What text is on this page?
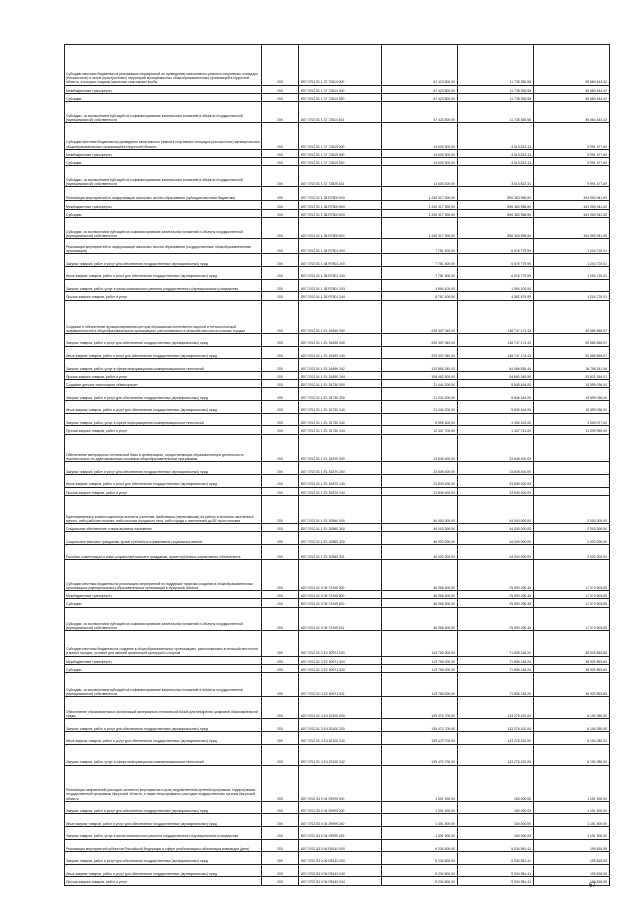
Субсидии местным бюджетам на реализацию мероприятий по проведению капитального ремонта спортивных площадок (плоскостных) и залов (пристроенных) территорий муниципальных общеобразовательных организаций в Иркутской области, в которых созданы школьные спортивные клубы	200	807 0702 51 1 37 72814 000	67 423 800,00	11 738 355,58	55 684 444,42
Межбюджетные трансферты	200	807 0702 51 1 37 72814 500	67 423 800,00	11 738 355,58	55 684 444,42
Субсидии	200	807 0702 51 1 37 72814 520	67 423 800,00	11 738 355,58	55 684 444,42
Субсидии, за исключением субсидий на софинансирование капитальных вложений в объекты государственной (муниципальной) собственности	200	807 0702 51 1 37 72814 521	67 423 800,00	11 738 355,58	55 684 444,42
Субсидии местным бюджетам на проведение капитального ремонта спортивных площадок (плоскостных) муниципальных общеобразовательных организаций в Иркутской области	200	807 0702 51 1 37 72829 000	13 605 300,00	3 613 822,31	9 991 477,69
Межбюджетные трансферты	200	807 0702 51 1 37 72829 500	13 605 300,00	3 613 822,31	9 991 477,69
Субсидии	200	807 0702 51 1 37 72829 520	13 605 300,00	3 613 822,31	9 991 477,69
Субсидии, за исключением субсидий на софинансирование капитальных вложений в объекты государственной (муниципальной) собственности	200	807 0702 51 1 37 72829 521	13 605 300,00	3 613 822,31	9 991 477,69
Реализация мероприятий по модернизации школьных систем образования (субсидии местным бюджетам)	200	807 0702 51 1 38 R7500 000	1 240 317 900,00	896 363 958,50	343 953 941,50
Межбюджетные трансферты	200	807 0702 51 1 38 R7500 500	1 240 317 900,00	896 363 958,50	343 953 941,50
Субсидии	200	807 0702 51 1 38 R7500 520	1 240 317 900,00	896 363 958,50	343 953 941,50
Субсидии, за исключением субсидий на софинансирование капитальных вложений в объекты государственной (муниципальной) собственности	200	807 0702 51 1 38 R7500 521	1 240 317 900,00	896 363 958,50	343 953 941,50
Реализация мероприятий по модернизации школьных систем образования (государственные общеобразовательные организации)	200	807 0702 51 1 38 R7501 000	7 781 500,00	6 576 779,99	1 204 720,01
Закупка товаров, работ и услуг для обеспечения государственных (муниципальных) нужд	200	807 0702 51 1 38 R7501 200	7 781 500,00	6 576 779,99	1 204 720,01
Иные закупки товаров, работ и услуг для обеспечения государственных (муниципальных) нужд	200	807 0702 51 1 38 R7501 240	7 781 500,00	6 576 779,99	1 204 720,01
Закупка товаров, работ, услуг в целях капитального ремонта государственного (муниципального) имущества	200	807 0702 51 1 38 R7501 243	1 994 100,00	1 994 100,00	-
Прочая закупка товаров, работ и услуг	200	807 0702 51 1 38 R7501 244	5 787 400,00	4 582 679,99	1 204 720,01
Создание и обеспечение функционирования центров образования естественно-научной и технологической направленностей в общеобразовательных организациях, расположенных в сельской местности и малых городах	200	807 0702 51 1 E1 51690 000	229 337 040,00	138 747 174,43	90 589 865,57
Закупка товаров, работ и услуг для обеспечения государственных (муниципальных) нужд	200	807 0702 51 1 E1 51690 200	229 337 040,00	138 747 174,43	90 589 865,57
Иные закупки товаров, работ и услуг для обеспечения государственных (муниципальных) нужд	200	807 0702 51 1 E1 51690 240	229 337 040,00	138 747 174,43	90 589 865,57
Закупка товаров, работ, услуг в сфере информационно-коммуникационных технологий	200	807 0702 51 1 E1 51690 242	120 855 340,00	84 086 836,44	36 768 511,56
Прочая закупка товаров, работ и услуг	200	807 0702 51 1 E1 51690 244	108 482 500,00	54 660 345,99	53 821 354,01
Создание детских технопарков «Кванториум»	200	807 0702 51 1 E1 51730 000	21 444 200,00	5 845 164,00	15 599 036,00
Закупка товаров, работ и услуг для обеспечения государственных (муниципальных) нужд	200	807 0702 51 1 E1 51730 200	21 444 200,00	5 845 164,00	15 599 036,00
Иные закупки товаров, работ и услуг для обеспечения государственных (муниципальных) нужд	200	807 0702 51 1 E1 51730 240	21 444 200,00	5 845 164,00	15 599 036,00
Закупка товаров, работ, услуг в сфере информационно-коммуникационных технологий	200	807 0702 51 1 E1 51730 242	8 996 500,00	4 496 423,00	4 500 077,00
Прочая закупка товаров, работ и услуг	200	807 0702 51 1 E1 51730 244	12 447 700,00	1 347 741,00	11 099 959,00
Обеспечение материально-технической базы в организациях, осуществляющих образовательную деятельность исключительно по адаптированным основным общеобразовательным программам	200	807 0702 51 1 E1 51870 000	23 849 400,00	23 849 400,00	-
Закупка товаров, работ и услуг для обеспечения государственных (муниципальных) нужд	200	807 0702 51 1 E1 51870 200	23 849 400,00	23 849 400,00	-
Иные закупки товаров, работ и услуг для обеспечения государственных (муниципальных) нужд	200	807 0702 51 1 E1 51870 240	23 849 400,00	23 849 400,00	-
Прочая закупка товаров, работ и услуг	200	807 0702 51 1 E1 51870 244	23 849 400,00	23 849 400,00	-
Единовременные компенсационные выплаты учителям, прибывшим (переехавшим) на работу в сельские населенные пункты, либо рабочие поселки, либо поселки городского типа, либо города с населением до 50 тысяч человек	200	807 0702 51 1 E1 52560 000	46 000 000,00	44 000 000,00	2 000 000,00
Социальное обеспечение и иные выплаты населению	200	807 0702 51 1 E1 52560 300	46 000 000,00	44 000 000,00	2 000 000,00
Социальные выплаты гражданам, кроме публичных нормативных социальных выплат	200	807 0702 51 1 E1 52560 320	46 000 000,00	44 000 000,00	2 000 000,00
Пособия, компенсации и иные социальные выплаты гражданам, кроме публичных нормативных обязательств	200	807 0702 51 1 E1 52560 321	46 000 000,00	44 000 000,00	2 000 000,00
Субсидии местным бюджетам на реализацию мероприятий по поддержке практики создания в общеобразовательных организациях (муниципальных) образовательных организаций в Иркутской области	200	807 0702 51 3 05 72449 000	46 966 900,00	29 593 296,35	17 373 603,65
Межбюджетные трансферты	200	807 0702 51 3 05 72449 500	46 966 900,00	29 593 296,35	17 373 603,65
Субсидии	200	807 0702 51 3 05 72449 520	46 966 900,00	29 593 296,35	17 373 603,65
Субсидии, за исключением субсидий на софинансирование капитальных вложений в объекты государственной (муниципальной) собственности	200	807 0702 51 3 05 72449 521	46 966 900,00	29 593 296,35	17 373 603,65
Субсидии местным бюджетам на создание в общеобразовательных организациях, расположенных в сельской местности и малых городах, условий для занятий физической культурой и спортом	200	807 0702 51 3 E2 50971 000	110 765 000,00	71 835 146,20	38 929 853,80
Межбюджетные трансферты	200	807 0702 51 3 E2 50971 500	110 765 000,00	71 835 146,20	38 929 853,80
Субсидии	200	807 0702 51 3 E2 50971 520	110 765 000,00	71 835 146,20	38 929 853,80
Субсидии, за исключением субсидий на софинансирование капитальных вложений в объекты государственной (муниципальной) собственности	200	807 0702 51 3 E2 50971 521	110 765 000,00	71 835 146,20	38 929 853,80
Обеспечение образовательных организаций материально-технической базой для внедрения цифровой образовательной среды	200	807 0702 51 3 E4 52100 000	139 470 700,00	133 276 420,00	6 194 280,00
Закупка товаров, работ и услуг для обеспечения государственных (муниципальных) нужд	200	807 0702 51 3 E4 52100 200	139 470 700,00	133 276 420,00	6 194 280,00
Иные закупки товаров, работ и услуг для обеспечения государственных (муниципальных) нужд	200	807 0702 51 3 E4 52100 240	139 470 700,00	133 276 420,00	6 194 280,00
Закупка товаров, работ, услуг в сфере информационно-коммуникационных технологий	200	807 0702 51 3 E4 52100 242	139 470 700,00	133 276 420,00	6 194 280,00
Реализация направлений расходов основного мероприятия и (или) ведомственной целевой программы, подпрограммы государственной программы Иркутской области, а также непрограммных расходов государственных органов Иркутской области	200	807 0702 53 0 04 29999 000	1 301 900,00	150 000,00	1 151 900,00
Закупка товаров, работ и услуг для обеспечения государственных (муниципальных) нужд	200	807 0702 53 0 04 29999 200	1 301 900,00	150 000,00	1 151 900,00
Иные закупки товаров, работ и услуг для обеспечения государственных (муниципальных) нужд	200	807 0702 53 0 04 29999 240	1 301 900,00	150 000,00	1 151 900,00
Закупка товаров, работ, услуг в целях капитального ремонта государственного (муниципального) имущества	200	807 0702 53 0 04 29999 243	1 301 900,00	150 000,00	1 151 900,00
Реализация мероприятий субъектов Российской Федерации в сфере реабилитации и абилитации инвалидов (дети)	200	807 0702 53 0 06 R5140 000	5 234 800,00	5 034 981,41	199 818,59
Закупка товаров, работ и услуг для обеспечения государственных (муниципальных) нужд	200	807 0702 53 0 06 R5140 200	5 234 800,00	5 034 981,41	199 818,59
Иные закупки товаров, работ и услуг для обеспечения государственных (муниципальных) нужд	200	807 0702 53 0 06 R5140 240	5 234 800,00	5 034 981,41	199 818,59
Прочая закупка товаров, работ и услуг	200	807 0702 53 0 06 R5140 244	5 234 800,00	5 034 981,41	199 818,59
67
